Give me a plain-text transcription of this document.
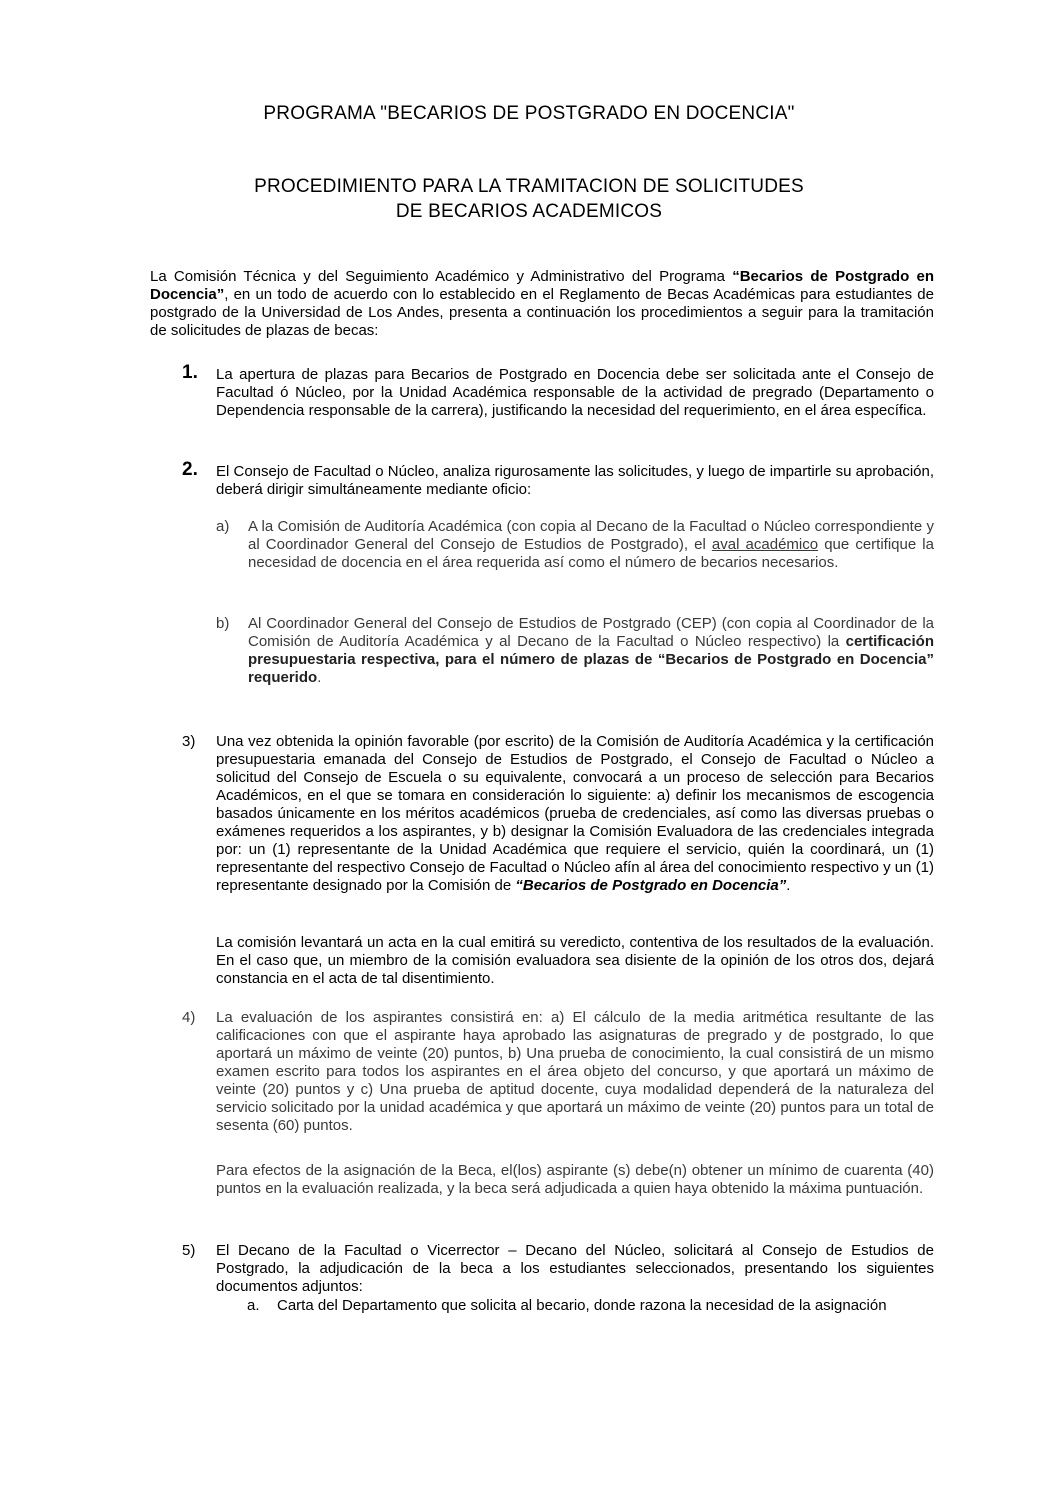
PROGRAMA "BECARIOS DE POSTGRADO EN DOCENCIA"
PROCEDIMIENTO PARA LA TRAMITACION DE SOLICITUDES
DE BECARIOS ACADEMICOS
La Comisión Técnica y del Seguimiento Académico y Administrativo del Programa “Becarios de Postgrado en Docencia”, en un todo de acuerdo con lo establecido en el Reglamento de Becas Académicas para estudiantes de postgrado de la Universidad de Los Andes, presenta a continuación los procedimientos a seguir para la tramitación de solicitudes de plazas de becas:
1. La apertura de plazas para Becarios de Postgrado en Docencia debe ser solicitada ante el Consejo de Facultad ó Núcleo, por la Unidad Académica responsable de la actividad de pregrado (Departamento o Dependencia responsable de la carrera), justificando la necesidad del requerimiento, en el área específica.
2. El Consejo de Facultad o Núcleo, analiza rigurosamente las solicitudes, y luego de impartirle su aprobación, deberá dirigir simultáneamente mediante oficio:
a) A la Comisión de Auditoría Académica (con copia al Decano de la Facultad o Núcleo correspondiente y al Coordinador General del Consejo de Estudios de Postgrado), el aval académico que certifique la necesidad de docencia en el área requerida así como el número de becarios necesarios.
b) Al Coordinador General del Consejo de Estudios de Postgrado (CEP) (con copia al Coordinador de la Comisión de Auditoría Académica y al Decano de la Facultad o Núcleo respectivo) la certificación presupuestaria respectiva, para el número de plazas de “Becarios de Postgrado en Docencia” requerido.
3) Una vez obtenida la opinión favorable (por escrito) de la Comisión de Auditoría Académica y la certificación presupuestaria emanada del Consejo de Estudios de Postgrado, el Consejo de Facultad o Núcleo a solicitud del Consejo de Escuela o su equivalente, convocará a un proceso de selección para Becarios Académicos, en el que se tomara en consideración lo siguiente: a) definir los mecanismos de escogencia basados únicamente en los méritos académicos (prueba de credenciales, así como las diversas pruebas o exámenes requeridos a los aspirantes, y b) designar la Comisión Evaluadora de las credenciales integrada por: un (1) representante de la Unidad Académica que requiere el servicio, quién la coordinará, un (1) representante del respectivo Consejo de Facultad o Núcleo afín al área del conocimiento respectivo y un (1) representante designado por la Comisión de “Becarios de Postgrado en Docencia”.
La comisión levantará un acta en la cual emitirá su veredicto, contentiva de los resultados de la evaluación. En el caso que, un miembro de la comisión evaluadora sea disiente de la opinión de los otros dos, dejará constancia en el acta de tal disentimiento.
4) La evaluación de los aspirantes consistirá en: a) El cálculo de la media aritmética resultante de las calificaciones con que el aspirante haya aprobado las asignaturas de pregrado y de postgrado, lo que aportará un máximo de veinte (20) puntos, b) Una prueba de conocimiento, la cual consistirá de un mismo examen escrito para todos los aspirantes en el área objeto del concurso, y que aportará un máximo de veinte (20) puntos y c) Una prueba de aptitud docente, cuya modalidad dependerá de la naturaleza del servicio solicitado por la unidad académica y que aportará un máximo de veinte (20) puntos para un total de sesenta (60) puntos.
Para efectos de la asignación de la Beca, el(los) aspirante (s) debe(n) obtener un mínimo de cuarenta (40) puntos en la evaluación realizada, y la beca será adjudicada a quien haya obtenido la máxima puntuación.
5) El Decano de la Facultad o Vicerrector – Decano del Núcleo, solicitará al Consejo de Estudios de Postgrado, la adjudicación de la beca a los estudiantes seleccionados, presentando los siguientes documentos adjuntos:
a. Carta del Departamento que solicita al becario, donde razona la necesidad de la asignación
